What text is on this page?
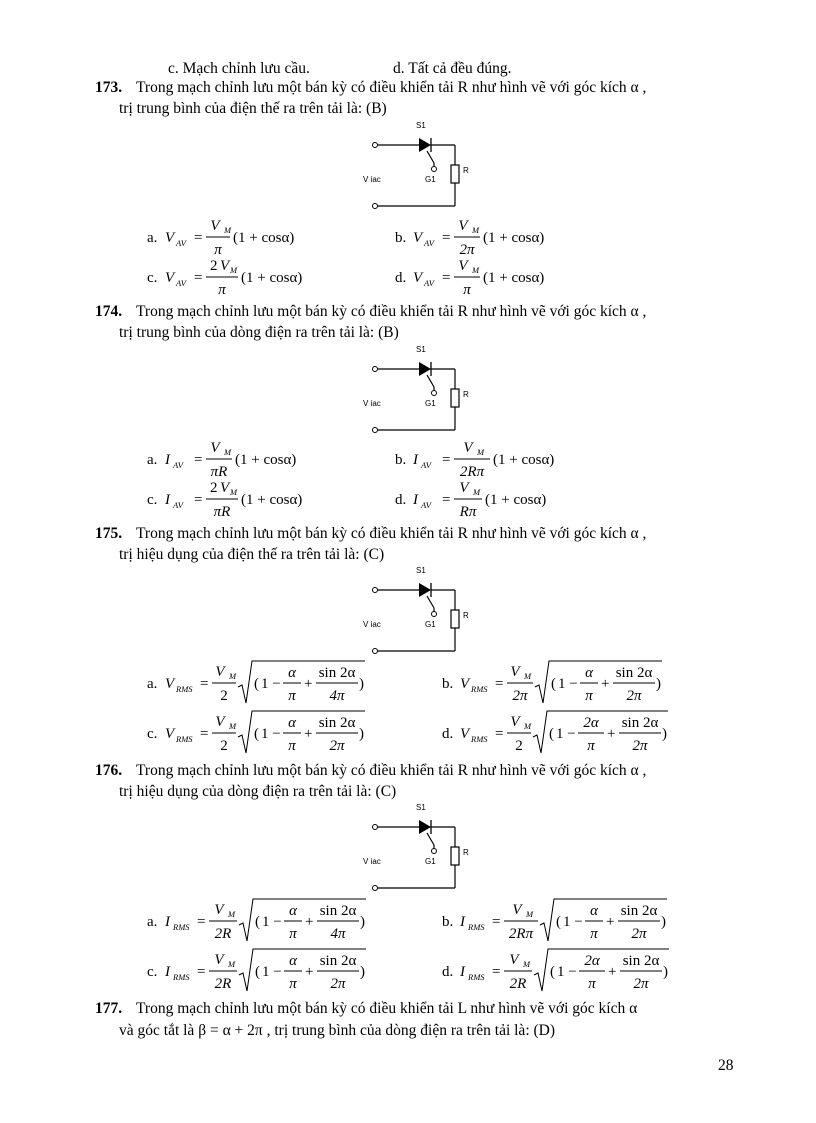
c. Mạch chỉnh lưu cầu.	d. Tất cả đều đúng.
173. Trong mạch chỉnh lưu một bán kỳ có điều khiển tải R như hình vẽ với góc kích α ,
trị trung bình của điện thế ra trên tải là: (B)
S1
G1
V iac
R
a. V AV =
V M
π
(1 + cosα)	b. V AV =
V M
2π
(1 + cosα)
c. V AV =
2 V M
π
(1 + cosα)	d. V AV =
V M
π
(1 + cosα)
174. Trong mạch chỉnh lưu một bán kỳ có điều khiển tải R như hình vẽ với góc kích α ,
trị trung bình của dòng điện ra trên tải là: (B)
S1
G1
V iac
R
a. I AV =
V M
πR
(1 + cosα)	b. I AV =
V M
2Rπ
(1 + cosα)
c. I AV =
2 V M
πR
(1 + cosα)	d. I AV =
V M
Rπ
(1 + cosα)
175. Trong mạch chỉnh lưu một bán kỳ có điều khiển tải R như hình vẽ với góc kích α ,
trị hiệu dụng của điện thế ra trên tải là: (C)
S1
G1
V iac
R
a. V RMS =
V M
2
( 1 −
α
π
+
sin 2α
4π
)	b. V RMS =
V M
2π
( 1 −
α
π
+
sin 2α
2π
)
c. V RMS =
V M
2
( 1 −
α
π
+
sin 2α
2π
)	d. V RMS =
V M
2
( 1 −
2α
π
+
sin 2α
2π
)
176. Trong mạch chỉnh lưu một bán kỳ có điều khiển tải R như hình vẽ với góc kích α ,
trị hiệu dụng của dòng điện ra trên tải là: (C)
S1
G1
V iac
R
a. I RMS =
V M
2R
( 1 −
α
π
+
sin 2α
4π
)	b. I RMS =
V M
2Rπ
( 1 −
α
π
+
sin 2α
2π
)
c. I RMS =
V M
2R
( 1 −
α
π
+
sin 2α
2π
)	d. I RMS =
V M
2R
( 1 −
2α
π
+
sin 2α
2π
)
177. Trong mạch chỉnh lưu một bán kỳ có điều khiển tải L như hình vẽ với góc kích α
và góc tắt là β = α + 2π , trị trung bình của dòng điện ra trên tải là: (D)
28
